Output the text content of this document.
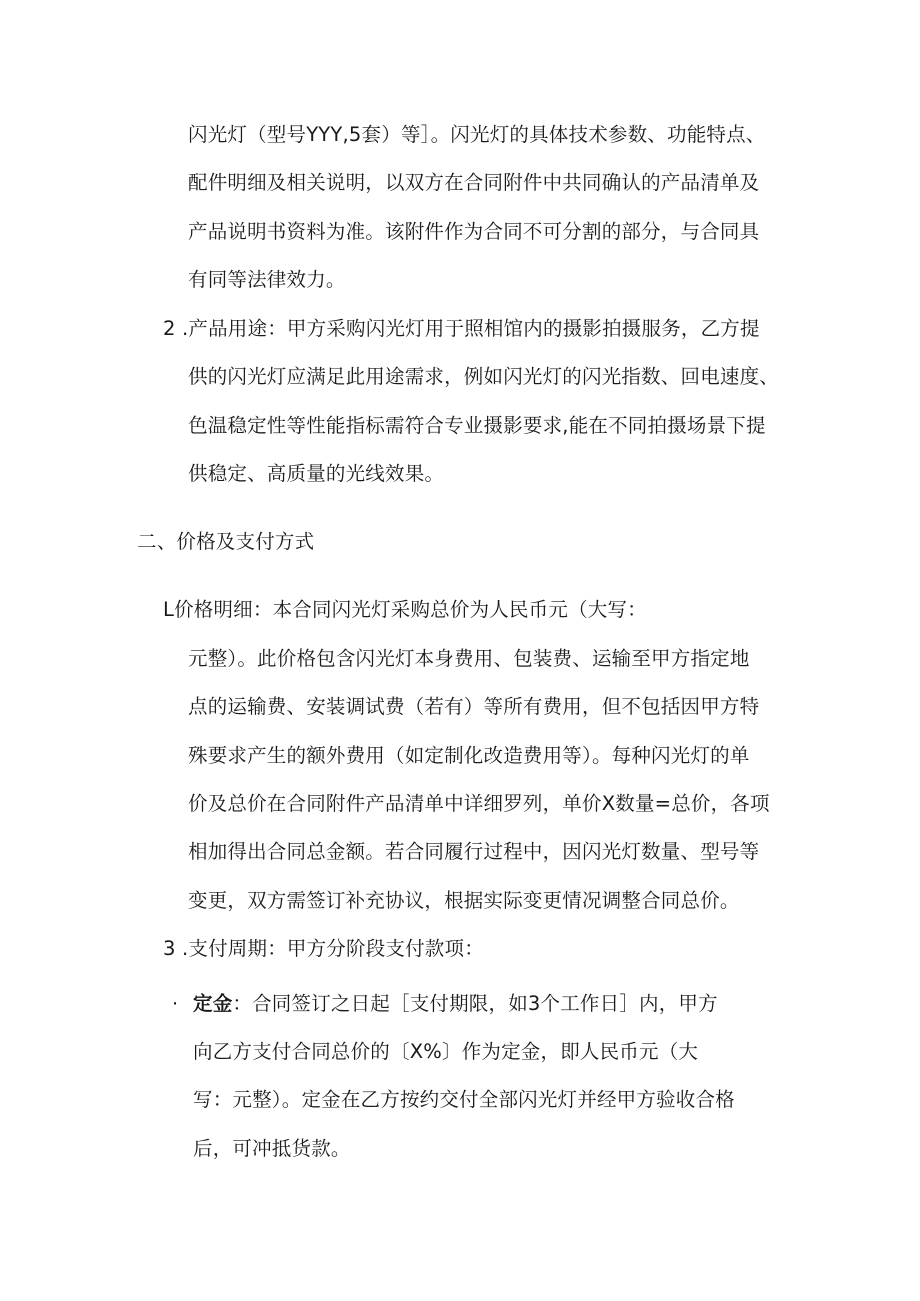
闪光灯（型号YYY,5套）等］。闪光灯的具体技术参数、功能特点、
配件明细及相关说明，以双方在合同附件中共同确认的产品清单及
产品说明书资料为准。该附件作为合同不可分割的部分，与合同具
有同等法律效力。
2 .产品用途：甲方采购闪光灯用于照相馆内的摄影拍摄服务，乙方提
供的闪光灯应满足此用途需求，例如闪光灯的闪光指数、回电速度、
色温稳定性等性能指标需符合专业摄影要求,能在不同拍摄场景下提
供稳定、高质量的光线效果。
二、价格及支付方式
L价格明细：本合同闪光灯采购总价为人民币元（大写：
元整）。此价格包含闪光灯本身费用、包装费、运输至甲方指定地
点的运输费、安装调试费（若有）等所有费用，但不包括因甲方特
殊要求产生的额外费用（如定制化改造费用等）。每种闪光灯的单
价及总价在合同附件产品清单中详细罗列，单价X数量=总价，各项
相加得出合同总金额。若合同履行过程中，因闪光灯数量、型号等
变更，双方需签订补充协议，根据实际变更情况调整合同总价。
3 .支付周期：甲方分阶段支付款项：
· 定金：合同签订之日起［支付期限，如3个工作日］内，甲方
向乙方支付合同总价的〔X%〕作为定金，即人民币元（大
写：元整）。定金在乙方按约交付全部闪光灯并经甲方验收合格
后，可冲抵货款。
